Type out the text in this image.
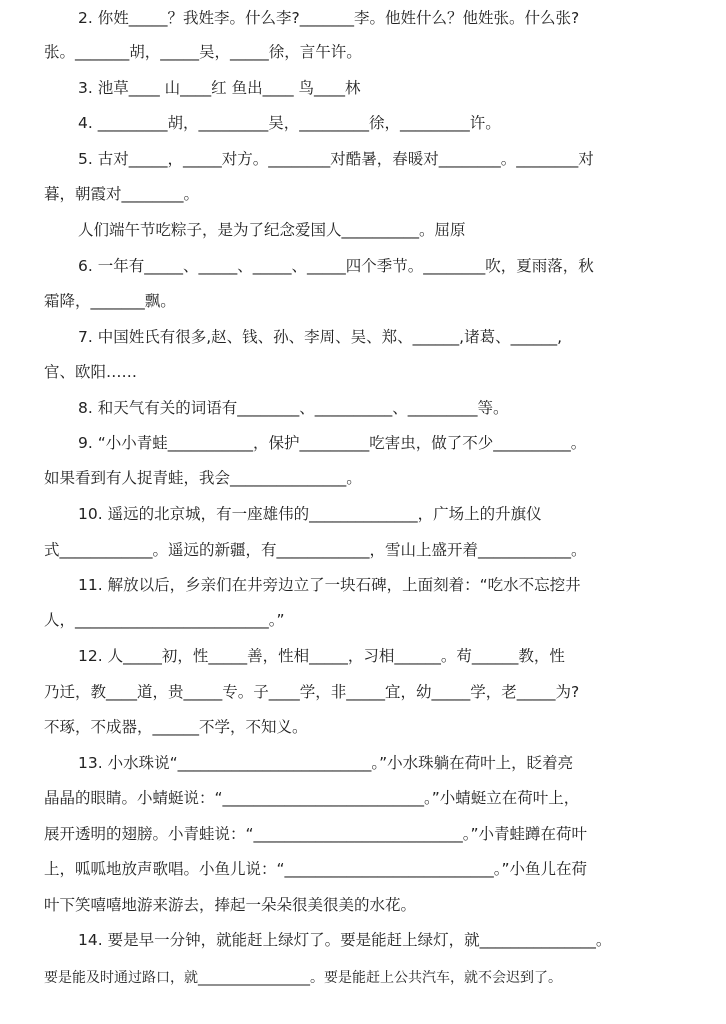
2. 你姓_____？我姓李。什么李?_______李。他姓什么？他姓张。什么张?
张。_______胡，_____吴，_____徐，言午许。
3. 池草____ 山____红 鱼出____ 鸟____林
4. _________胡，_________吴，_________徐，_________许。
5. 古对_____，_____对方。________对酷暑，春暖对________。________对
暮，朝霞对________。
人们端午节吃粽子，是为了纪念爱国人__________。屈原
6. 一年有_____、_____、_____、_____四个季节。________吹，夏雨落，秋
霜降，_______飘。
7. 中国姓氏有很多,赵、钱、孙、李周、吴、郑、______,诸葛、______,
官、欧阳……
8. 和天气有关的词语有________、__________、_________等。
9. “小小青蛙___________，保护_________吃害虫，做了不少__________。
如果看到有人捉青蛙，我会_______________。
10. 遥远的北京城，有一座雄伟的______________，广场上的升旗仪
式____________。遥远的新疆，有____________，雪山上盛开着____________。
11. 解放以后，乡亲们在井旁边立了一块石碑，上面刻着：“吃水不忘挖井
人，_________________________。”
12. 人_____初，性_____善，性相_____，习相______。苟______教，性
乃迁，教____道，贵_____专。子____学，非_____宜，幼_____学，老_____为?
不琢，不成器，______不学，不知义。
13. 小水珠说“_________________________。”小水珠躺在荷叶上，眨着亮
晶晶的眼睛。小蜻蜓说：“__________________________。”小蜻蜓立在荷叶上，
展开透明的翅膀。小青蛙说：“___________________________。”小青蛙蹲在荷叶
上，呱呱地放声歌唱。小鱼儿说：“___________________________。”小鱼儿在荷
叶下笑嘻嘻地游来游去，捧起一朵朵很美很美的水花。
14. 要是早一分钟，就能赶上绿灯了。要是能赶上绿灯，就_______________。
要是能及时通过路口，就________________。要是能赶上公共汽车，就不会迟到了。
